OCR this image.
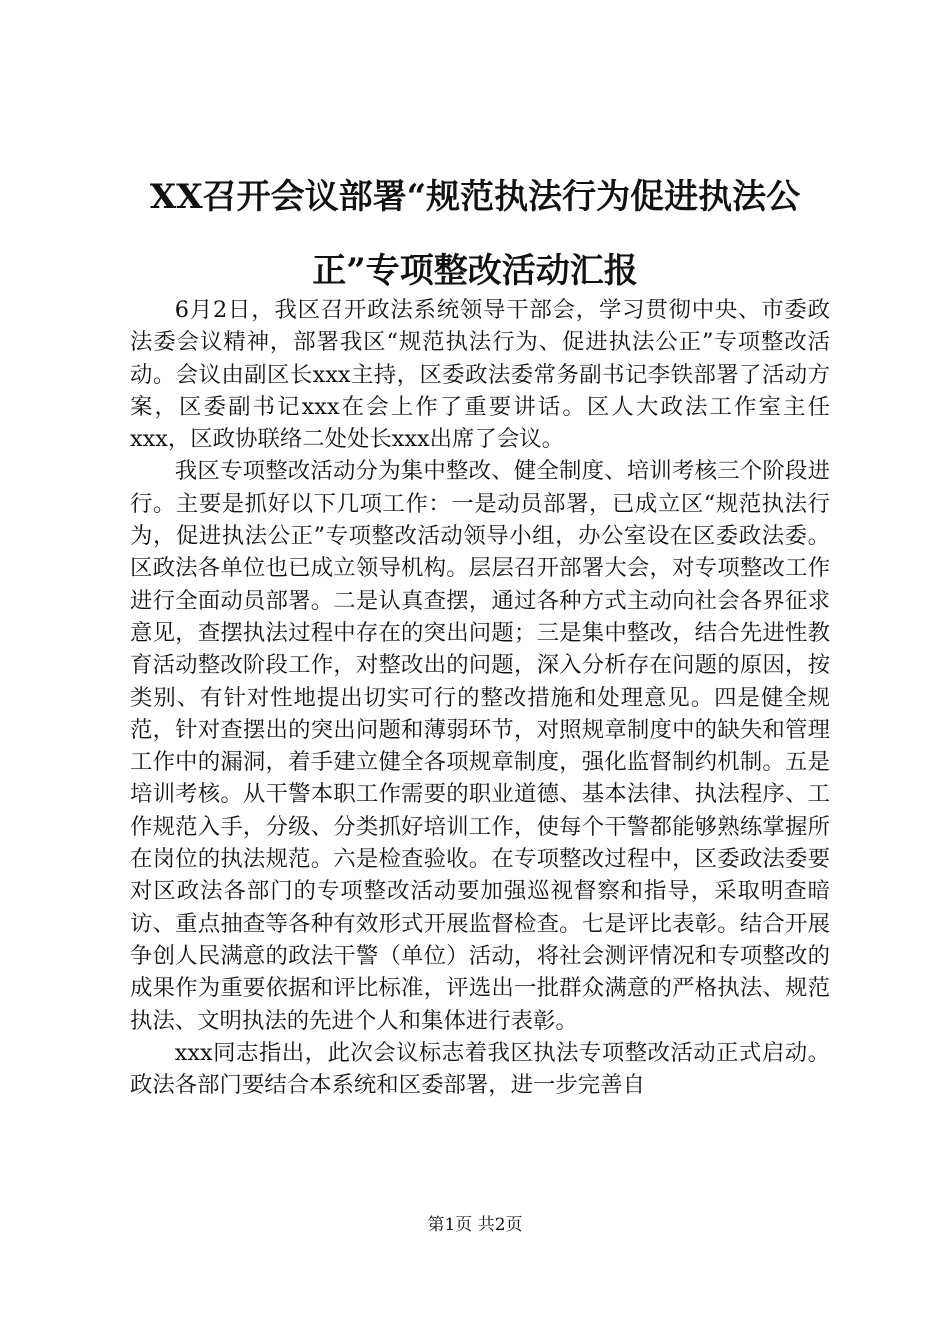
XX召开会议部署“规范执法行为促进执法公正”专项整改活动汇报

6月2日，我区召开政法系统领导干部会，学习贯彻中央、市委政法委会议精神，部署我区“规范执法行为、促进执法公正”专项整改活动。会议由副区长xxx主持，区委政法委常务副书记李铁部署了活动方案，区委副书记xxx在会上作了重要讲话。区人大政法工作室主任xxx，区政协联络二处处长xxx出席了会议。

我区专项整改活动分为集中整改、健全制度、培训考核三个阶段进行。主要是抓好以下几项工作：一是动员部署，已成立区“规范执法行为，促进执法公正”专项整改活动领导小组，办公室设在区委政法委。区政法各单位也已成立领导机构。层层召开部署大会，对专项整改工作进行全面动员部署。二是认真查摆，通过各种方式主动向社会各界征求意见，查摆执法过程中存在的突出问题；三是集中整改，结合先进性教育活动整改阶段工作，对整改出的问题，深入分析存在问题的原因，按类别、有针对性地提出切实可行的整改措施和处理意见。四是健全规范，针对查摆出的突出问题和薄弱环节，对照规章制度中的缺失和管理工作中的漏洞，着手建立健全各项规章制度，强化监督制约机制。五是培训考核。从干警本职工作需要的职业道德、基本法律、执法程序、工作规范入手，分级、分类抓好培训工作，使每个干警都能够熟练掌握所在岗位的执法规范。六是检查验收。在专项整改过程中，区委政法委要对区政法各部门的专项整改活动要加强巡视督察和指导，采取明查暗访、重点抽查等各种有效形式开展监督检查。七是评比表彰。结合开展争创人民满意的政法干警（单位）活动，将社会测评情况和专项整改的成果作为重要依据和评比标准，评选出一批群众满意的严格执法、规范执法、文明执法的先进个人和集体进行表彰。

xxx同志指出，此次会议标志着我区执法专项整改活动正式启动。政法各部门要结合本系统和区委部署，进一步完善自

第1页 共2页
